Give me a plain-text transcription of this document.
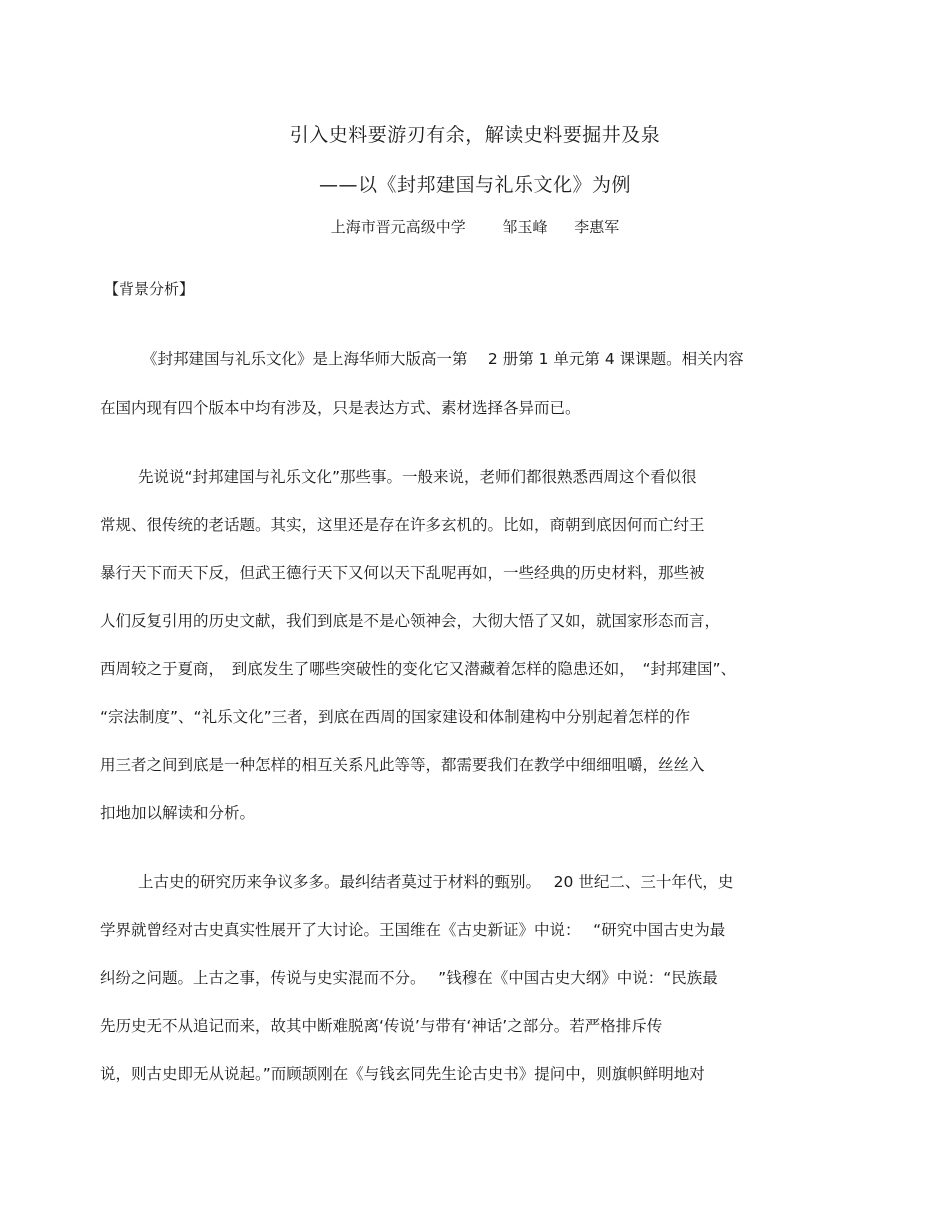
引入史料要游刃有余，解读史料要掘井及泉
——以《封邦建国与礼乐文化》为例
上海市晋元高级中学 邹玉峰 李惠军
【背景分析】
《封邦建国与礼乐文化》是上海华师大版高一第　 2 册第 1 单元第 4 课课题。相关内容
在国内现有四个版本中均有涉及，只是表达方式、素材选择各异而已。
先说说“封邦建国与礼乐文化”那些事。一般来说，老师们都很熟悉西周这个看似很
常规、很传统的老话题。其实，这里还是存在许多玄机的。比如，商朝到底因何而亡纣王
暴行天下而天下反，但武王德行天下又何以天下乱呢再如，一些经典的历史材料，那些被
人们反复引用的历史文献，我们到底是不是心领神会，大彻大悟了又如，就国家形态而言，
西周较之于夏商，　到底发生了哪些突破性的变化它又潜藏着怎样的隐患还如，　“封邦建国”、
“宗法制度”、“礼乐文化”三者，到底在西周的国家建设和体制建构中分别起着怎样的作
用三者之间到底是一种怎样的相互关系凡此等等，都需要我们在教学中细细咀嚼，丝丝入
扣地加以解读和分析。
上古史的研究历来争议多多。最纠结者莫过于材料的甄别。　 20 世纪二、三十年代，史
学界就曾经对古史真实性展开了大讨论。王国维在《古史新证》中说：　 “研究中国古史为最
纠纷之问题。上古之事，传说与史实混而不分。　 ”钱穆在《中国古史大纲》中说：“民族最
先历史无不从追记而来，故其中断难脱离‘传说’与带有‘神话’之部分。若严格排斥传
说，则古史即无从说起。”而顾颉刚在《与钱玄同先生论古史书》提问中，则旗帜鲜明地对
